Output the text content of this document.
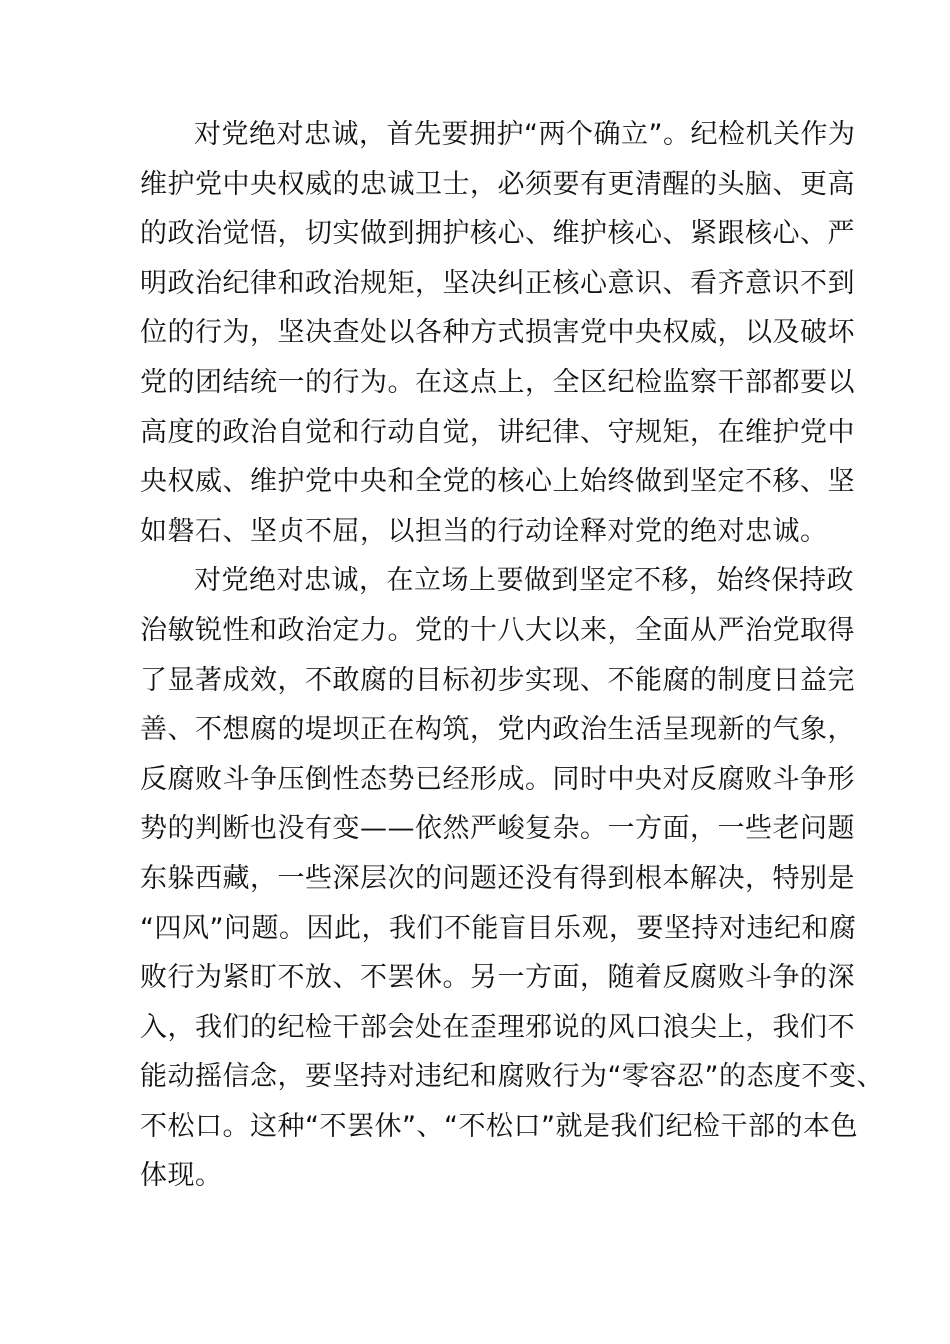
对党绝对忠诚，首先要拥护“两个确立”。纪检机关作为
维护党中央权威的忠诚卫士，必须要有更清醒的头脑、更高
的政治觉悟，切实做到拥护核心、维护核心、紧跟核心、严
明政治纪律和政治规矩，坚决纠正核心意识、看齐意识不到
位的行为，坚决查处以各种方式损害党中央权威，以及破坏
党的团结统一的行为。在这点上，全区纪检监察干部都要以
高度的政治自觉和行动自觉，讲纪律、守规矩，在维护党中
央权威、维护党中央和全党的核心上始终做到坚定不移、坚
如磐石、坚贞不屈，以担当的行动诠释对党的绝对忠诚。
对党绝对忠诚，在立场上要做到坚定不移，始终保持政
治敏锐性和政治定力。党的十八大以来，全面从严治党取得
了显著成效，不敢腐的目标初步实现、不能腐的制度日益完
善、不想腐的堤坝正在构筑，党内政治生活呈现新的气象，
反腐败斗争压倒性态势已经形成。同时中央对反腐败斗争形
势的判断也没有变——依然严峻复杂。一方面，一些老问题
东躲西藏，一些深层次的问题还没有得到根本解决，特别是
“四风”问题。因此，我们不能盲目乐观，要坚持对违纪和腐
败行为紧盯不放、不罢休。另一方面，随着反腐败斗争的深
入，我们的纪检干部会处在歪理邪说的风口浪尖上，我们不
能动摇信念，要坚持对违纪和腐败行为“零容忍”的态度不变、
不松口。这种“不罢休”、“不松口”就是我们纪检干部的本色
体现。
